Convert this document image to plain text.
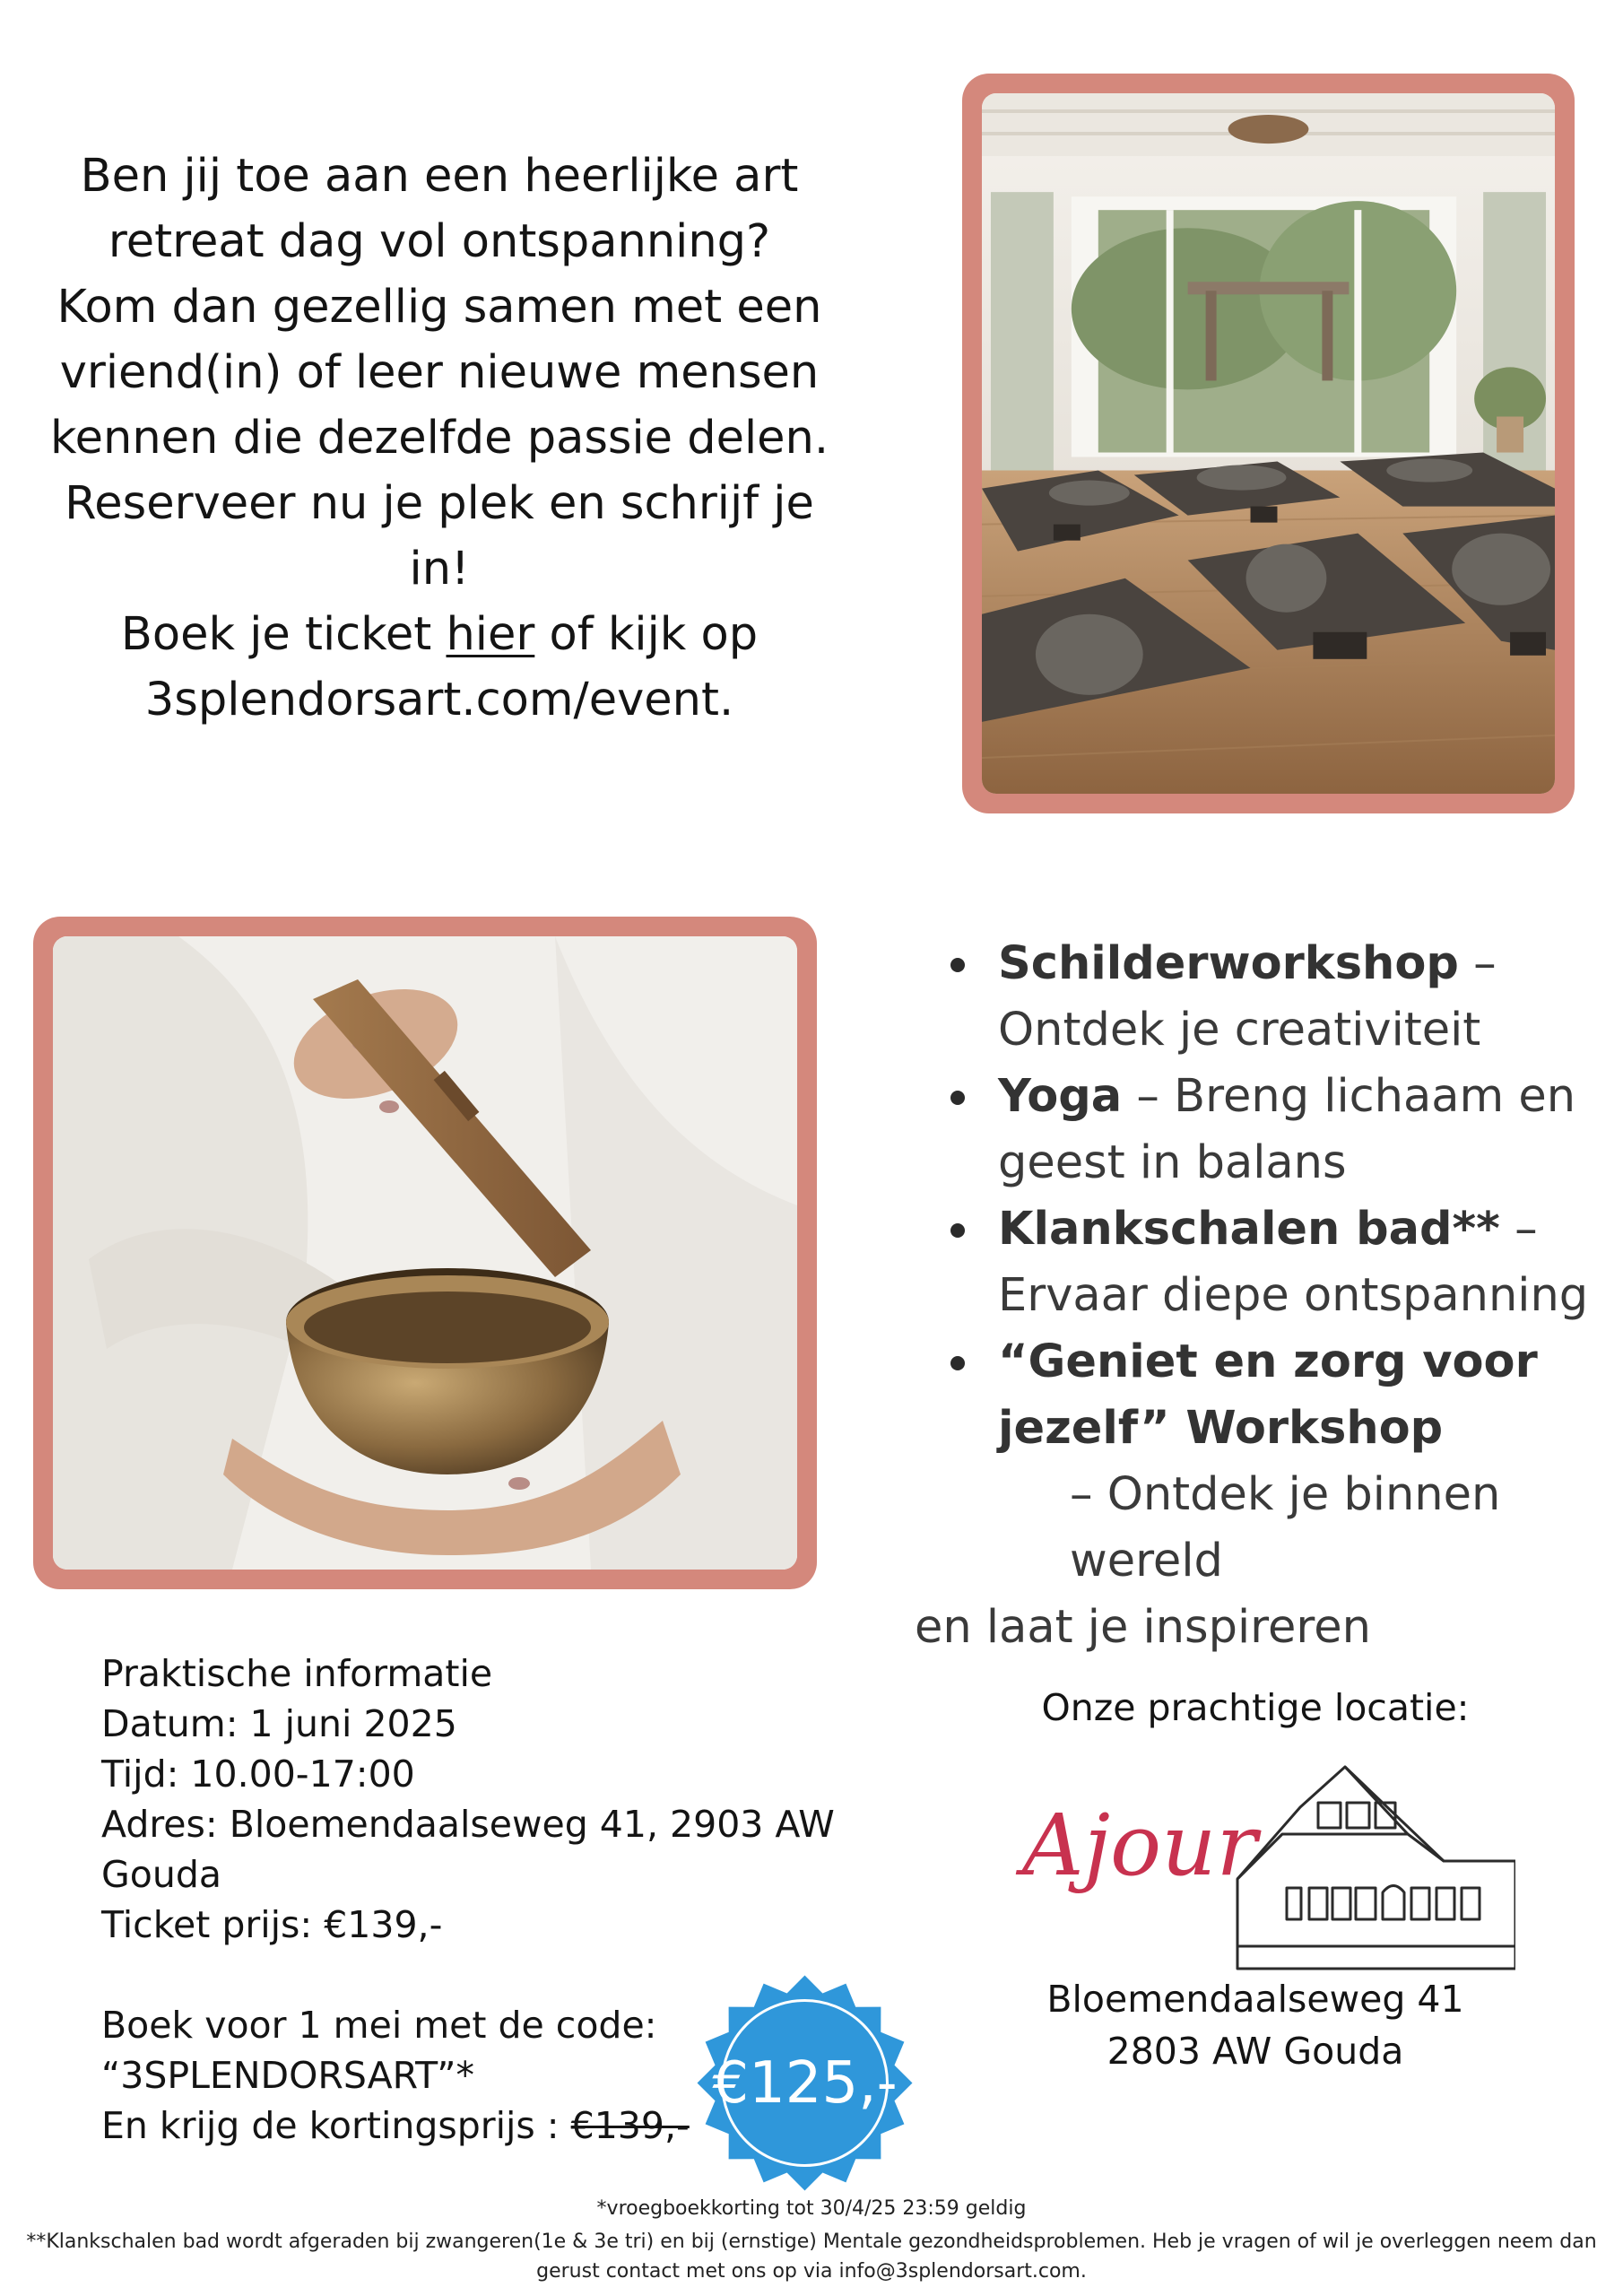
Ben jij toe aan een heerlijke art

retreat dag vol ontspanning?

Kom dan gezellig samen met een

vriend(in) of leer nieuwe mensen

kennen die dezelfde passie delen.

Reserveer nu je plek en schrijf je

in!

Boek je ticket hier of kijk op

3splendorsart.com/event.

Schilderworkshop –
Ontdek je creativiteit
Yoga – Breng lichaam en geest in balans
Klankschalen bad** –
Ervaar diepe ontspanning
“Geniet en zorg voor jezelf” Workshop
– Ontdek je binnen wereld
en laat je inspireren

Praktische informatie

Datum: 1 juni 2025

Tijd: 10.00-17:00

Adres: Bloemendaalseweg 41, 2903 AW Gouda

Ticket prijs: €139,-

Boek voor 1 mei met de code:

“3SPLENDORSART”*

En krijg de kortingsprijs : €139,-

€125,-
Onze prachtige locatie:
Ajour

Bloemendaalseweg 41

2803 AW Gouda

*vroegboekkorting tot 30/4/25 23:59 geldig
**Klankschalen bad wordt afgeraden bij zwangeren(1e & 3e tri) en bij (ernstige) Mentale gezondheidsproblemen. Heb je vragen of wil je overleggen neem dan
gerust contact met ons op via info@3splendorsart.com.
